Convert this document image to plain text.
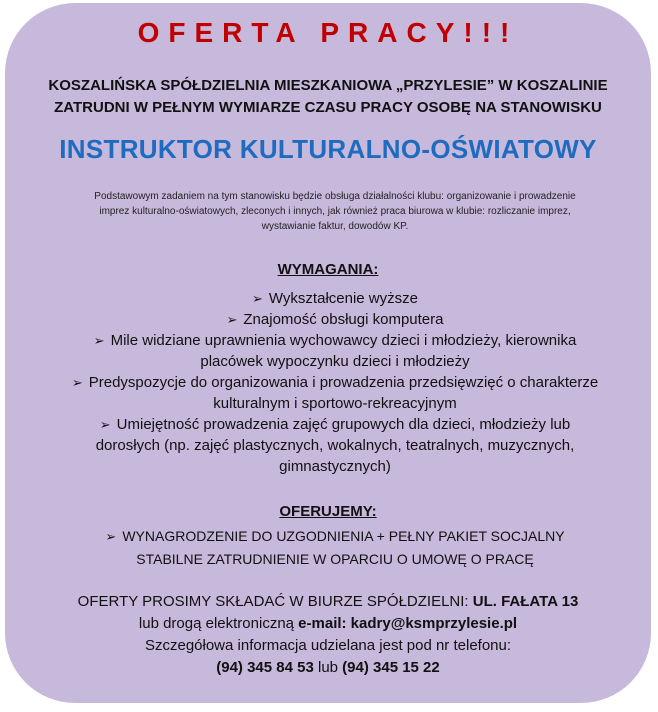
OFERTA PRACY!!!
KOSZALIŃSKA SPÓŁDZIELNIA MIESZKANIOWA „PRZYLESIE” W KOSZALINIE
ZATRUDNI W PEŁNYM WYMIARZE CZASU PRACY OSOBĘ NA STANOWISKU
INSTRUKTOR KULTURALNO-OŚWIATOWY
Podstawowym zadaniem na tym stanowisku będzie obsługa działalności klubu: organizowanie i prowadzenie
imprez kulturalno-oświatowych, zleconych i innych, jak również praca biurowa w klubie: rozliczanie imprez,
wystawianie faktur, dowodów KP.
WYMAGANIA:
➢ Wykształcenie wyższe
➢ Znajomość obsługi komputera
➢ Mile widziane uprawnienia wychowawcy dzieci i młodzieży, kierownika
placówek wypoczynku dzieci i młodzieży
➢ Predyspozycje do organizowania i prowadzenia przedsięwzięć o charakterze
kulturalnym i sportowo-rekreacyjnym
➢ Umiejętność prowadzenia zajęć grupowych dla dzieci, młodzieży lub
dorosłych (np. zajęć plastycznych, wokalnych, teatralnych, muzycznych,
gimnastycznych)
OFERUJEMY:
➢ WYNAGRODZENIE DO UZGODNIENIA + PEŁNY PAKIET SOCJALNY
STABILNE ZATRUDNIENIE W OPARCIU O UMOWĘ O PRACĘ
OFERTY PROSIMY SKŁADAĆ W BIURZE SPÓŁDZIELNI: UL. FAŁATA 13
lub drogą elektroniczną e-mail: kadry@ksmprzylesie.pl
Szczegółowa informacja udzielana jest pod nr telefonu:
(94) 345 84 53 lub (94) 345 15 22
